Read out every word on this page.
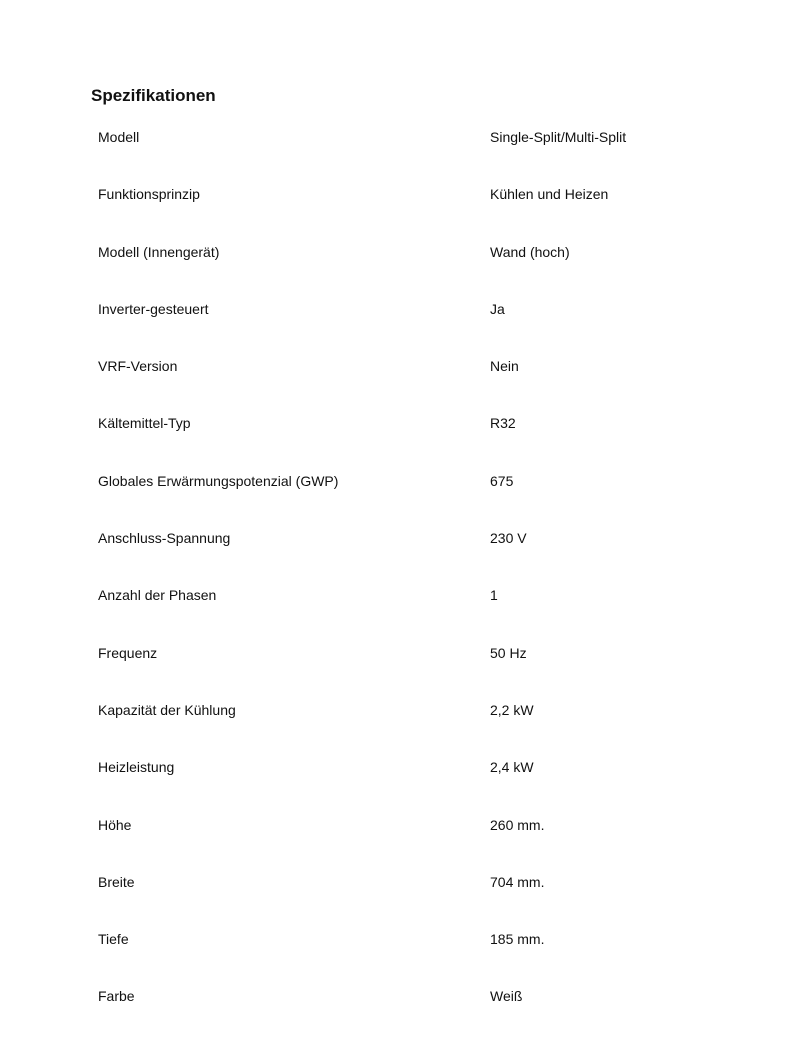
Spezifikationen
Modell	Single-Split/Multi-Split
Funktionsprinzip	Kühlen und Heizen
Modell (Innengerät)	Wand (hoch)
Inverter-gesteuert	Ja
VRF-Version	Nein
Kältemittel-Typ	R32
Globales Erwärmungspotenzial (GWP)	675
Anschluss-Spannung	230 V
Anzahl der Phasen	1
Frequenz	50 Hz
Kapazität der Kühlung	2,2 kW
Heizleistung	2,4 kW
Höhe	260 mm.
Breite	704 mm.
Tiefe	185 mm.
Farbe	Weiß
